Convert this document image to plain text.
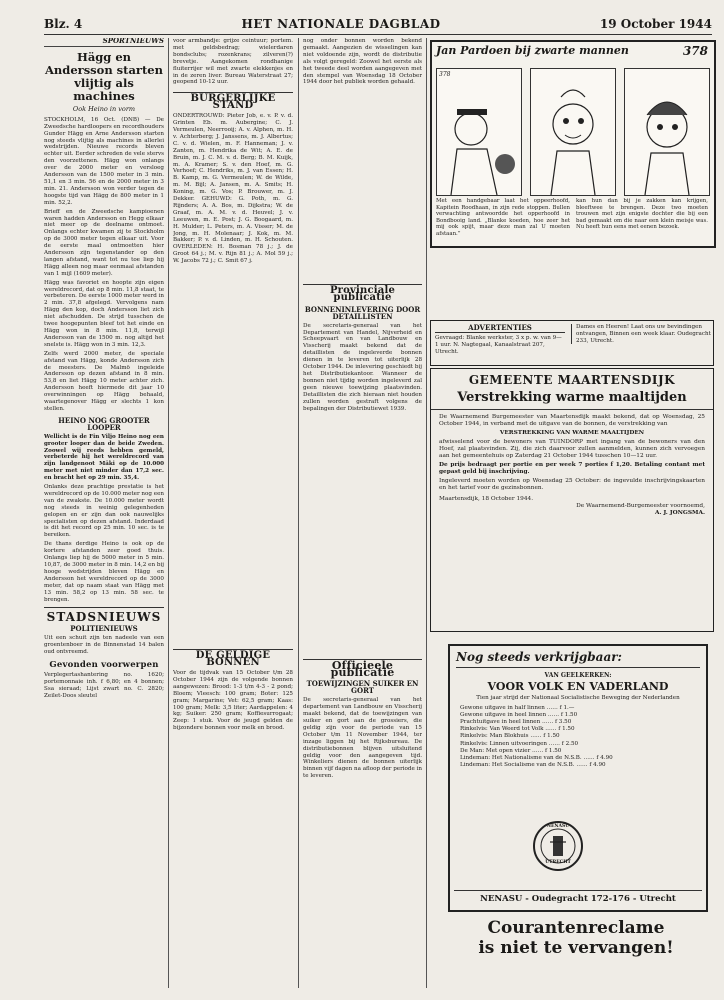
Blz. 4	HET NATIONALE DAGBLAD	19 October 1944
SPORTNIEUWS
Hägg en Andersson starten vlijtig als machines
Ook Heino in vorm

STOCKHOLM, 16 Oct. (DNB) — De Zweedsche hardloopers en recordhouders Gunder Hägg en Arne Andersson starten nog steeds vlijtig als machines in allerlei wedstrijden. Nieuwe records bleven echter uit. Eerder schreden de vele stervs den voorzettenen. Hägg won onlangs over de 2000 meter en versloeg Andersson van de 1500 meter in 3 min. 51,1 en 3 min. 56 en de 2000 meter in 3 min. 21. Andersson won verder tegen de hoogste tijd van Hägg de 800 meter in 1 min. 52,2.

Brieff en de Zweedsche kampioenen waren hadden Andersson en Hegg elkaar niet meer op de deelname ontmoet. Onlangs echter kwamen zij te Stockholm op de 3000 meter tegen elkaar uit. Voor de eerste maal ontmoetten hier Andersson zijn tegenstander op den langen afstand, want tot nu toe liep hij Hägg alleen nog maar eenmaal afstanden van 1 mijl (1609 meter).

Hägg was favoriet en hoopte zijn eigen wereldrecord, dat op 8 min. 11,8 staat, te verbeteren. De eerste 1000 meter werd in 2 min. 37,8 afgelegd. Vervolgens nam Hägg den kop, doch Andersson liet zich niet afschudden. De strijd tusschen de twee hoogepunten bleef tot het einde en Hägg won in 8 min. 11,8, terwijl Andersson van de 1500 m. nog altijd het snelste is. Hägg won in 3 min. 12,3.

Zelfs werd 2000 meter, de speciale afstand van Hägg, konde Andersson zich de meesters. De Malmö ingeleide Andersson op dezen afstand in 8 min. 53,8 en liet Hägg 10 meter achter zich. Andersson heeft hiermede dit jaar 10 overwinningen op Hägg behaald, waartegenover Hägg er slechts 1 kon stellen.

HEINO NOG GROOTER LOOPER

Wellicht is de Fin Viljo Heino nog een grooter looper dan de beide Zweden. Zoowel wij reeds hebben gemeld, verbeterde hij het wereldrecord van zijn landgenoot Mäki op de 10.000 meter met niet minder dan 17,2 sec. en bracht het op 29 min. 35,4.

Onlanks deze prachtige prestatie is het wereldrecord op de 10.000 meter nog een van de zwakste. De 10.000 meter wordt nog steeds in weinig gelegenheden gelopen en er zijn dan ook nauwelijks specialisten op dezen afstand. Inderdaad is dit het record op 25 min. 10 sec. is te bereiken.

De thans derdige Heino is ook op de kortere afstanden zeer goed thuis. Onlangs liep hij de 5000 meter in 5 min. 10,87, de 3000 meter in 8 min. 14,2 en bij hooge wedstrijden bleven Hägg en Andersson het wereldrecord op de 3000 meter, dat op naam staat van Hägg met 13 min. 58,2 op 13 min. 58 sec. te brengen.

STADSNIEUWS
POLITIENIEUWS

Uit een schuit zijn ten nadeele van een groentenboer in de Binnenstad 14 balen oud ontvreemd.

Gevonden voorwerpen

Verplegertashantering no. 1620; portemonnaie inh. f 6,80; en 4 bonnen; Ssa sieraad; Lijst zwart no. C. 2820; Zeilet-Doos sleutel

voor armbandje: grijze ceintuur; portem. met geldsbedrag; wielerdaren bondsclubs; rozenkrans; zilveren(?) brevetje. Aangekomen rondhanige fluiterrijer wil met zwarte elekkenjes en in de zeren liver. Bureau Waterstraat 27; geopend 10-12 uur.

BURGERLIJKE STAND

ONDERTROUWD: Pieter Job, e. v. P. v. d. Grinten Eb. m. Aubergine; C. J. Vermeulen, Neerrooij; A. v. Alphen, m. H. v. Achterberg; J. Janssens, m. J. Albertus; C. v. d. Wielen, m. F. Hanneman; J. v. Zanten, m. Hendrika de Wit; A. E. de Bruin, m. J. C. M. v. d. Berg; B. M. Kuijk, m. A. Kramer; S. v. den Hoef, m. G. Verhoef; C. Hendriks, m. J. van Essen; H. B. Kamp, m. G. Vermeulen; W. de Wilde, m. M. Bijl; A. Jansen, m. A. Smits; H. Koning, m. G. Vos; P. Brouwer, m. J. Dekker. GEHUWD: G. Poth, m. G. Rijnders; A. A. Bos, m. Dijkstra; W. de Graaf, m. A. M. v. d. Heuvel; J. v. Leeuwen, m. E. Post; J. G. Boogaard, m. H. Mulder; L. Peters, m. A. Visser; M. de Jong, m. H. Molenaar; J. Kok, m. M. Bakker; P. v. d. Linden, m. H. Schouten. OVERLEDEN: H. Bosman 78 j.; J. de Groot 64 j.; M. v. Rijn 81 j.; A. Mol 59 j.; W. Jacobs 72 j.; C. Smit 67 j.

DE GELDIGE BONNEN

Voor de tijdvak van 15 October t/m 28 October 1944 zijn de volgende bonnen aangewezen: Brood: 1-3 t/m 4-3 - 2 pond; Bloem; Vleesch: 100 gram; Boter: 125 gram; Margarine; Vet: 62,5 gram; Kaas: 100 gram; Melk: 3,5 liter; Aardappelen: 4 kg; Suiker: 250 gram; Koffiesurrogaat; Zeep: 1 stuk. Voor de jeugd gelden de bijzondere bonnen voor melk en brood.

nog onder bonnen worden bekend gemaakt. Aangezien de wisselingen kan niet voldoende zijn, wordt de distributie als volgt geregeld: Zoowel het eerste als het tweede deel worden aangegeven met den stempel van Woensdag 18 October 1944 door het publiek worden gehaald.

Provinciale publicatie
BONNENINLEVERING DOOR DETAILLISTEN

De secretaris-generaal van het Departement van Handel, Nijverheid en Scheepvaart en van Landbouw en Visscherij maakt bekend dat de detaillisten de ingeleverde bonnen dienen in te leveren tot uiterlijk 28 October 1944. De inlevering geschiedt bij het Distributiekantoor. Wanneer de bonnen niet tijdig worden ingeleverd zal geen nieuwe toewijzing plaatsvinden. Detaillisten die zich hieraan niet houden zullen worden gestraft volgens de bepalingen der Distributiewet 1939.

Officieele publicatie
TOEWIJZINGEN SUIKER EN GORT

De secretaris-generaal van het departement van Landbouw en Visscherij maakt bekend, dat de toewijzingen van suiker en gort aan de grossiers, die geldig zijn voor de periode van 15 October t/m 11 November 1944, ter inzage liggen bij het Rijksbureau. De distributiebonnen blijven uitsluitend geldig voor den aangegeven tijd. Winkeliers dienen de bonnen uiterlijk binnen vijf dagen na afloop der periode in te leveren.

Jan Pardoen bij zwarte mannen	378
378
Met een handgebaar laat het oppeerhoofd, Kapitein Roodhaan, in zijn rede stoppen. Bullen verwachting antwoordde het opperhoofd in Bondbooig land. „Blanke koeden, hoe zeer het mij ook spijt, maar deze man zal U moeten afstaan.”
kan hun dan bij je zakken kan krijgen, bleeftwee te brengen. Deze two moeten trouwen met zijn enigste dochter die bij een bad gemaakt om die naar een klein meisje was. Nu heeft hun eens met eenen bezoek.
ADVERTENTIES
Gevraagd: Blanke werkster, 3 x p. w. van 9—1 uur. N. Nagtegaal, Kanaalstraat 207, Utrecht.
Dames en Heeren! Laat ons uw bevindingen ontvangen, Binnen een week klaar. Oudegracht 233, Utrecht.
GEMEENTE MAARTENSDIJK
Verstrekking warme maaltijden

De Waarnemend Burgemeester van Maartensdijk maakt bekend, dat op Woensdag, 25 October 1944, in verband met de uitgave van de bonnen, de verstrekking van

VERSTREKKING VAN WARME MAALTIJDEN

afwisselend voor de bewoners van TUINDORP met ingang van de bewoners van den Hoef, zal plaatsvinden. Zij, die zich daarvoor zullen aanmelden, kunnen zich vervoegen aan het gemeentehuis op Zaterdag 21 October 1944 tusschen 10—12 uur.

De prijs bedraagt per portie en per week 7 porties f 1,20. Betaling contant met gepast geld bij inschrijving.

Ingeleverd moeten worden op Woensdag 25 October: de ingevulde inschrijvingskaarten en het tarief voor de gezinsbonnen.

Maartensdijk, 18 October 1944.

De Waarnemend-Burgemeester voornoemd,

A. J. JONGSMA.

Nog steeds verkrijgbaar:
VAN GEELKERKEN:
VOOR VOLK EN VADERLAND
Tien jaar strijd der Nationaal Socialistische Beweging der Nederlanden
Gewone uitgave in half linnen …… f 1.—
Gewone uitgave in heel linnen …… f 1.50
Prachtuitgave in heel linnen …… f 3.50
Rinkelvis: Van Weerd tot Volk …… f 1.50
Rinkelvis: Man Blokhuis …… f 1.50
Rinkelvis: Linnen uitvoeringen …… f 2.50
De Man: Met open vizier …… f 1.50
Lindeman: Het Nationalisme van de N.S.B. …… f 4.90
Lindeman: Het Socialisme van de N.S.B. …… f 4.90
NENASU
UTRECHT
NENASU - Oudegracht 172-176 - Utrecht
Courantenreclame
is niet te vervangen!
